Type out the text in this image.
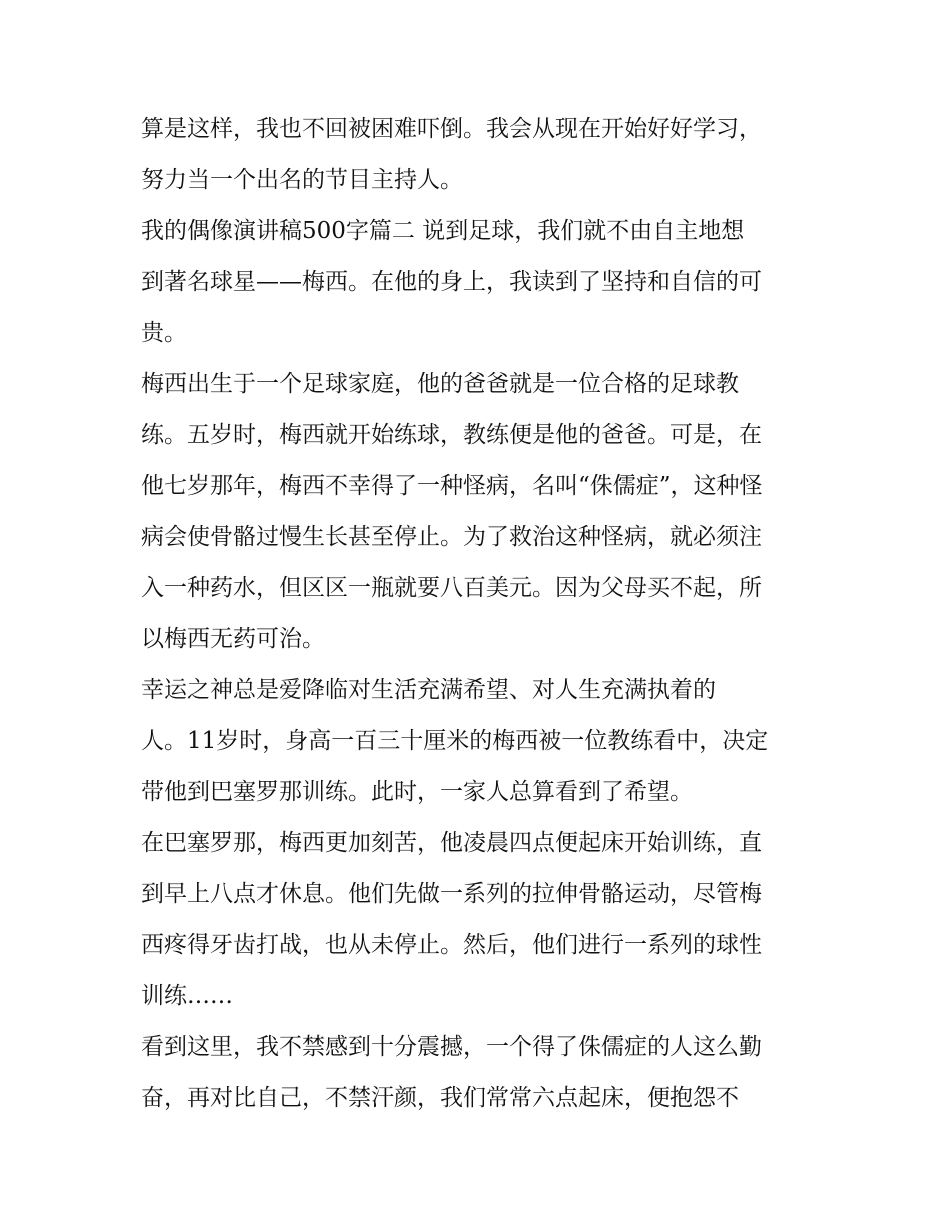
算是这样，我也不回被困难吓倒。我会从现在开始好好学习，
努力当一个出名的节目主持人。
我的偶像演讲稿500字篇二 说到足球，我们就不由自主地想
到著名球星——梅西。在他的身上，我读到了坚持和自信的可
贵。
梅西出生于一个足球家庭，他的爸爸就是一位合格的足球教
练。五岁时，梅西就开始练球，教练便是他的爸爸。可是，在
他七岁那年，梅西不幸得了一种怪病，名叫“侏儒症”，这种怪
病会使骨骼过慢生长甚至停止。为了救治这种怪病，就必须注
入一种药水，但区区一瓶就要八百美元。因为父母买不起，所
以梅西无药可治。
幸运之神总是爱降临对生活充满希望、对人生充满执着的
人。11岁时，身高一百三十厘米的梅西被一位教练看中，决定
带他到巴塞罗那训练。此时，一家人总算看到了希望。
在巴塞罗那，梅西更加刻苦，他凌晨四点便起床开始训练，直
到早上八点才休息。他们先做一系列的拉伸骨骼运动，尽管梅
西疼得牙齿打战，也从未停止。然后，他们进行一系列的球性
训练……
看到这里，我不禁感到十分震撼，一个得了侏儒症的人这么勤
奋，再对比自己，不禁汗颜，我们常常六点起床，便抱怨不
